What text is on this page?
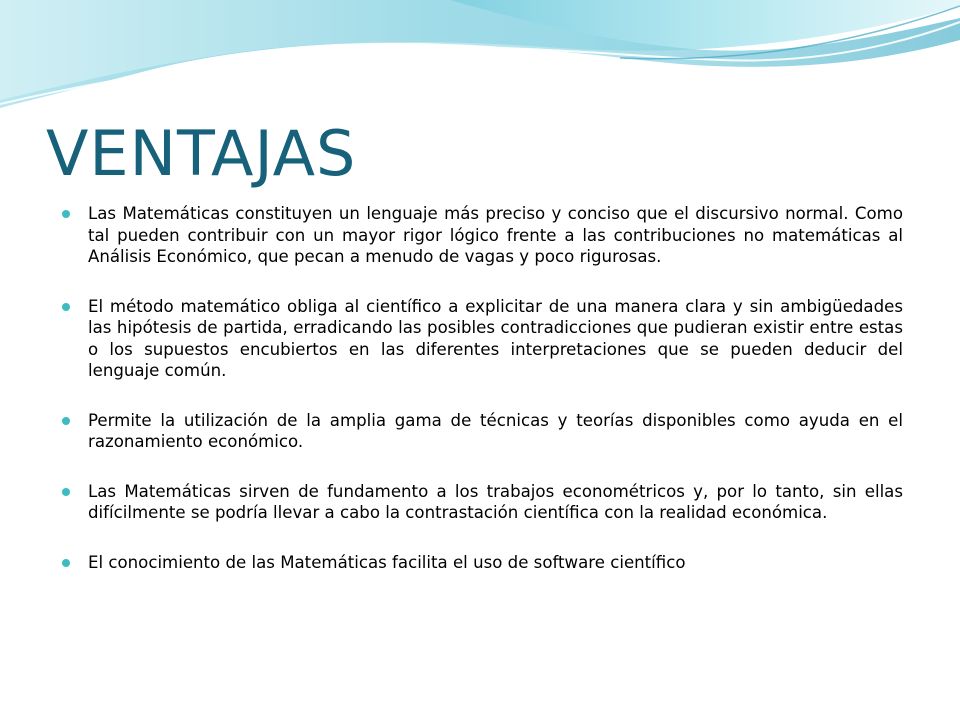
VENTAJAS
Las Matemáticas constituyen un lenguaje más preciso y conciso que el discursivo normal. Como tal pueden contribuir con un mayor rigor lógico frente a las contribuciones no matemáticas al Análisis Económico, que pecan a menudo de vagas y poco rigurosas.
El método matemático obliga al científico a explicitar de una manera clara y sin ambigüedades las hipótesis de partida, erradicando las posibles contradicciones que pudieran existir entre estas o los supuestos encubiertos en las diferentes interpretaciones que se pueden deducir del lenguaje común.
Permite la utilización de la amplia gama de técnicas y teorías disponibles como ayuda en el razonamiento económico.
Las Matemáticas sirven de fundamento a los trabajos econométricos y, por lo tanto, sin ellas difícilmente se podría llevar a cabo la contrastación científica con la realidad económica.
El conocimiento de las Matemáticas facilita el uso de software científico
